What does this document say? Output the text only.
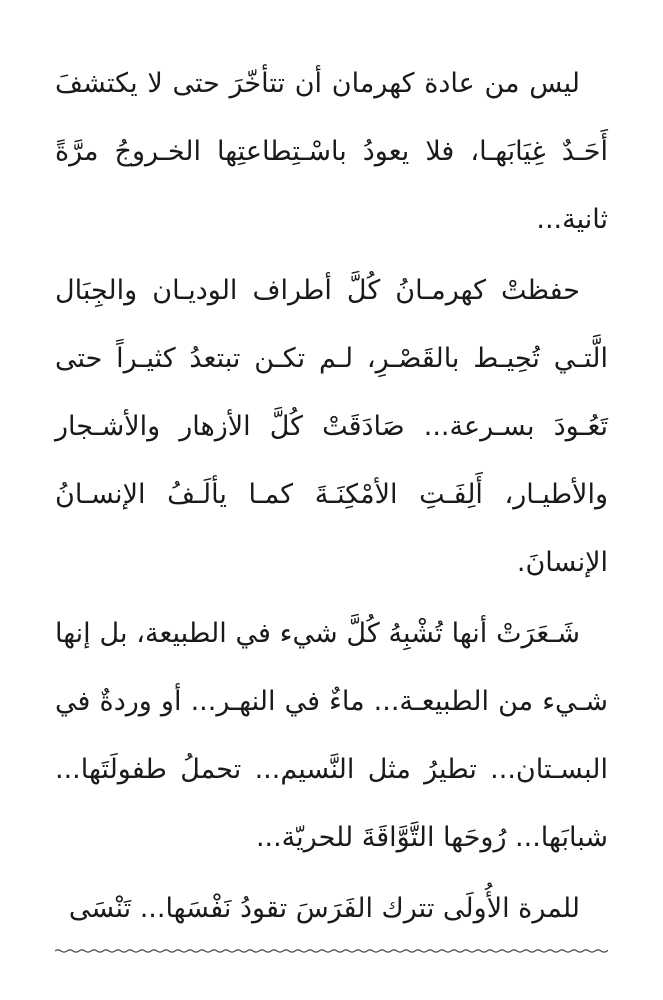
ليس من عادة كهرمان أن تتأخّرَ حتى لا يكتشفَ أَحَـدٌ غِيَابَهـا، فلا يعودُ باسْـتِطاعتِها الخـروجُ مرَّةً ثانية...

حفظتْ كهرمـانُ كُلَّ أطراف الوديـان والجِبَال الَّتـي تُحِيـط بالقَصْـرِ، لـم تكـن تبتعدُ كثيـراً حتى تَعُـودَ بسـرعة... صَادَقَتْ كُلَّ الأزهار والأشـجار والأطيـار، أَلِفَـتِ الأمْكِنَـةَ كمـا يألَـفُ الإنسـانُ الإنسانَ.

شَـعَرَتْ أنها تُشْبِهُ كُلَّ شيء في الطبيعة، بل إنها شـيء من الطبيعـة... ماءٌ في النهـر... أو وردةٌ في البسـتان... تطيرُ مثل النَّسيم... تحملُ طفولَتَها... شبابَها... رُوحَها التَّوَّاقَةَ للحريّة...

للمرة الأُولَى تترك الفَرَسَ تقودُ نَفْسَها... تَنْسَى
